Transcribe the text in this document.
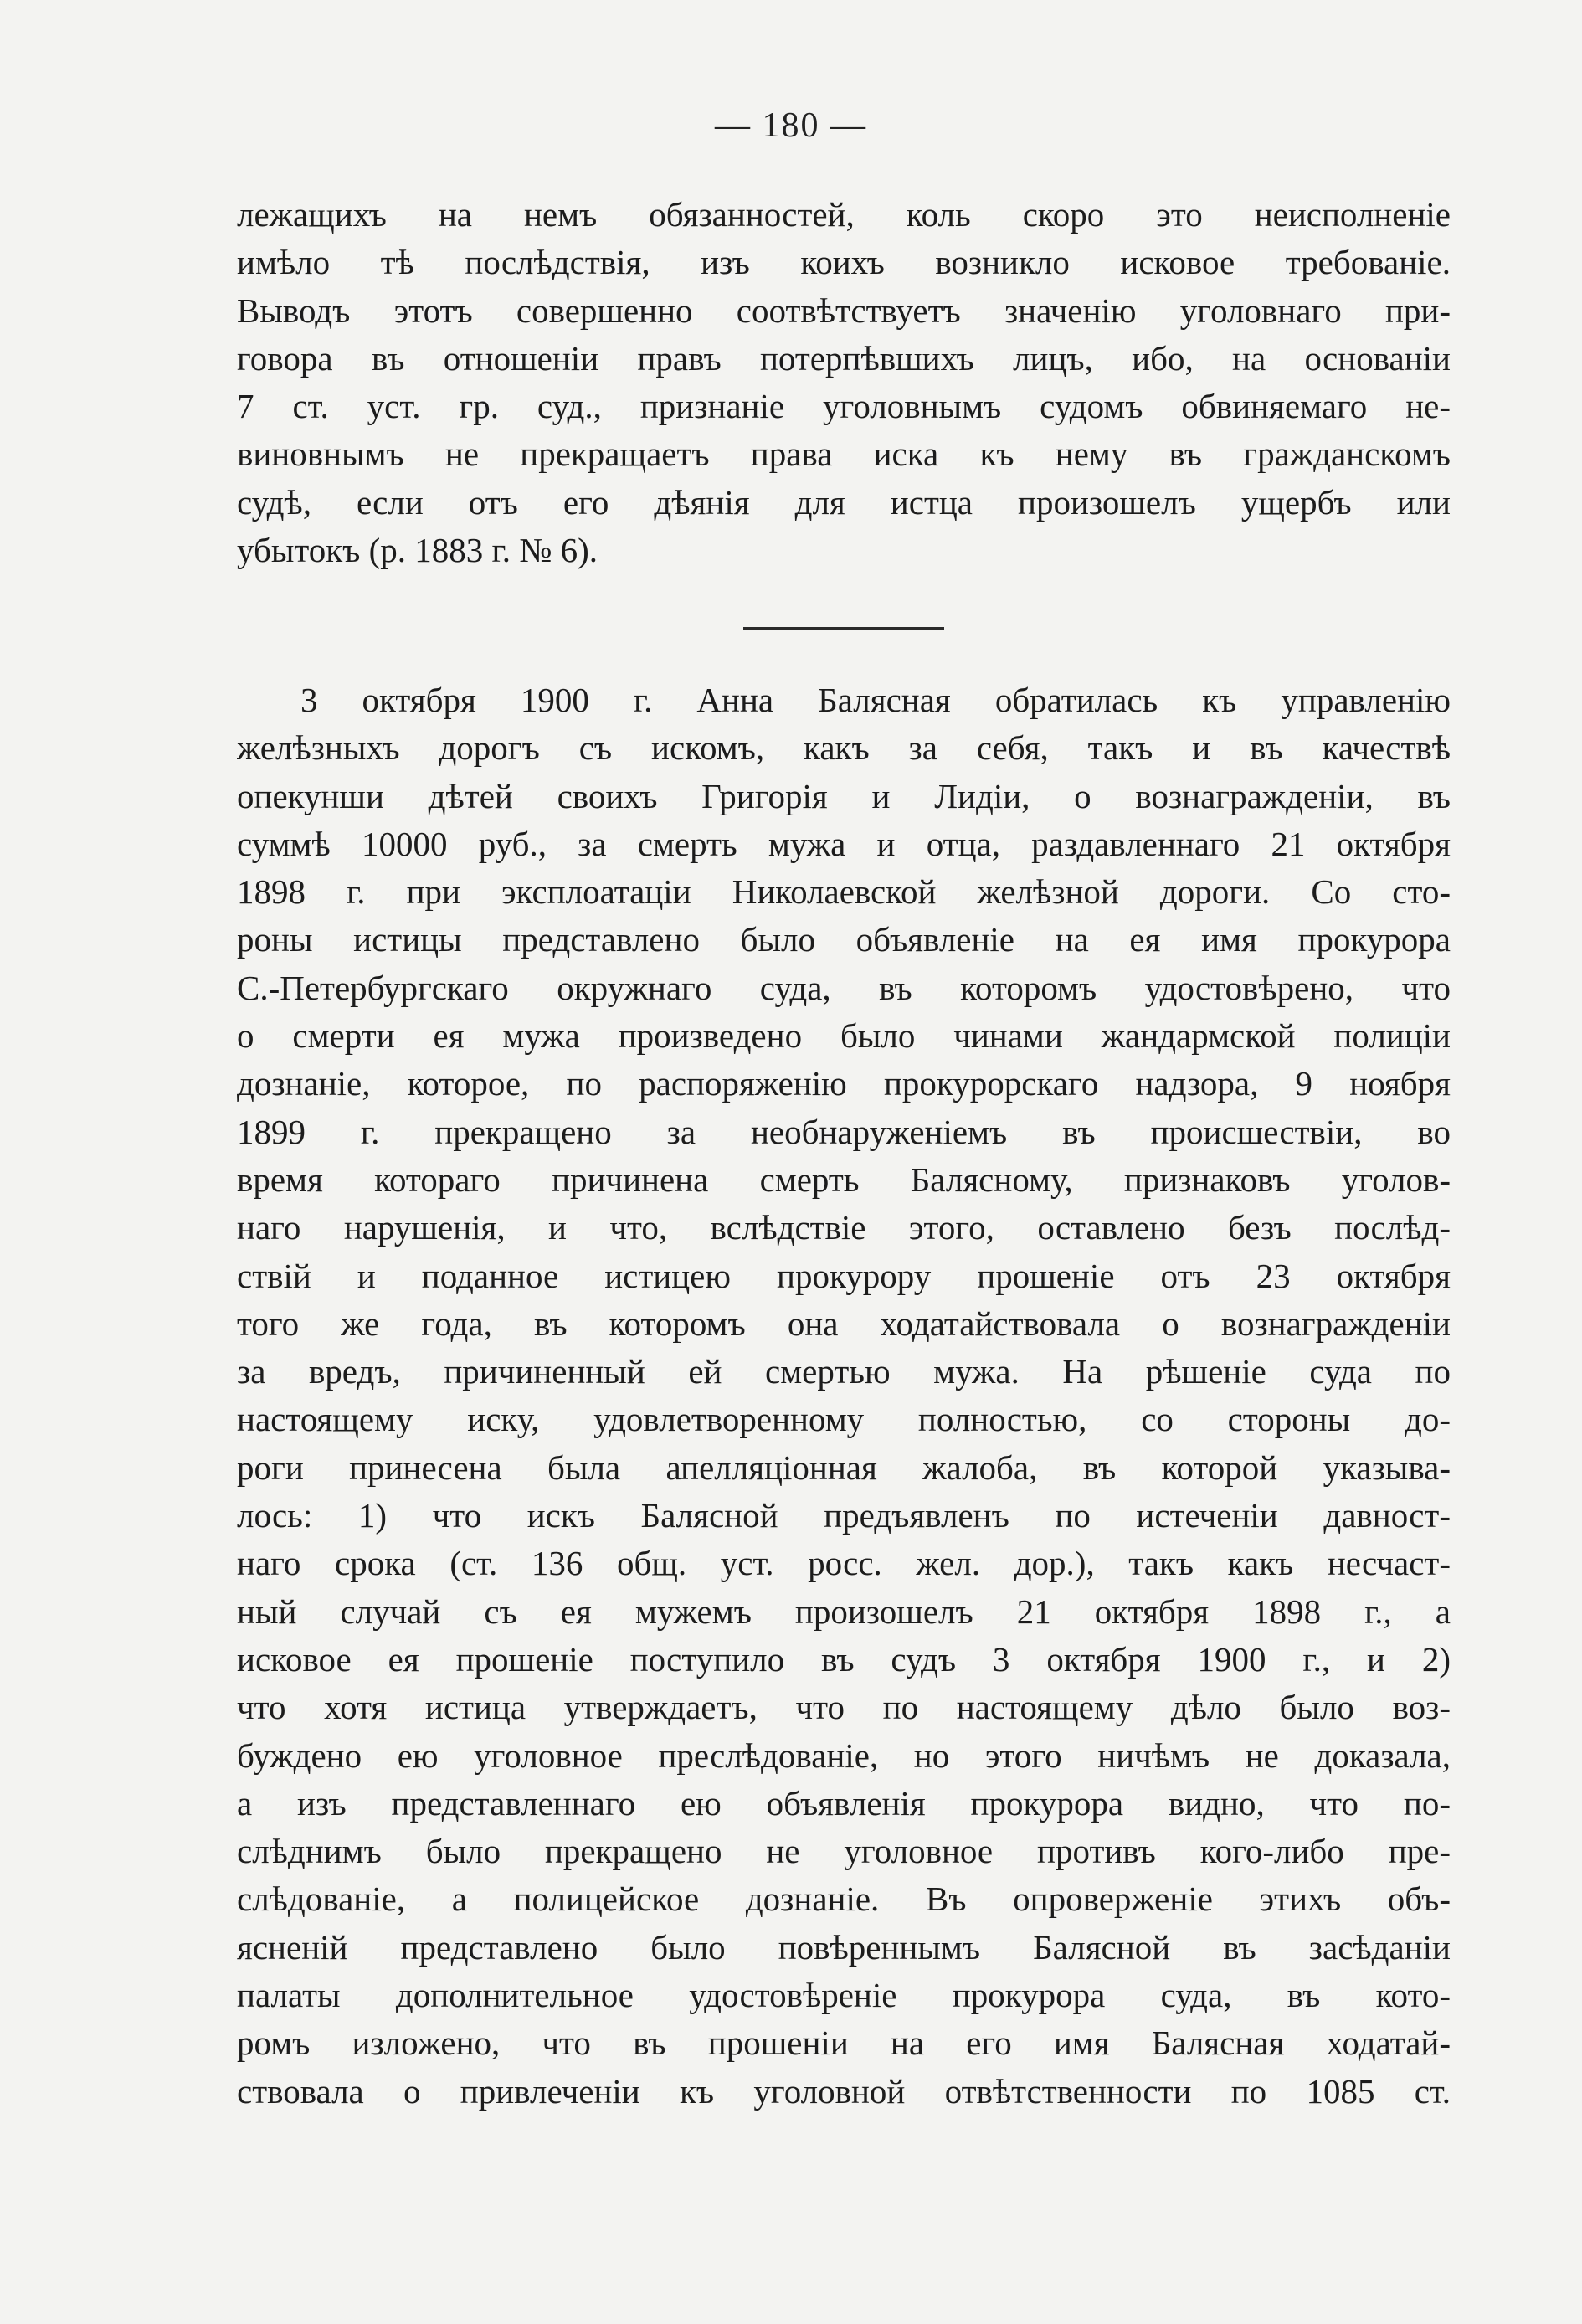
— 180 —
лежащихъ на немъ обязанностей, коль скоро это неисполненіе
имѣло тѣ послѣдствія, изъ коихъ возникло исковое требованіе.
Выводъ этотъ совершенно соотвѣтствуетъ значенію уголовнаго при-
говора въ отношеніи правъ потерпѣвшихъ лицъ, ибо, на основаніи
7 ст. уст. гр. суд., признаніе уголовнымъ судомъ обвиняемаго не-
виновнымъ не прекращаетъ права иска къ нему въ гражданскомъ
судѣ, если отъ его дѣянія для истца произошелъ ущербъ или
убытокъ (р. 1883 г. № 6).
3 октября 1900 г. Анна Балясная обратилась къ управленію
желѣзныхъ дорогъ съ искомъ, какъ за себя, такъ и въ качествѣ
опекунши дѣтей своихъ Григорія и Лидіи, о вознагражденіи, въ
суммѣ 10000 руб., за смерть мужа и отца, раздавленнаго 21 октября
1898 г. при эксплоатаціи Николаевской желѣзной дороги. Со сто-
роны истицы представлено было объявленіе на ея имя прокурора
С.-Петербургскаго окружнаго суда, въ которомъ удостовѣрено, что
о смерти ея мужа произведено было чинами жандармской полиціи
дознаніе, которое, по распоряженію прокурорскаго надзора, 9 ноября
1899 г. прекращено за необнаруженіемъ въ происшествіи, во
время котораго причинена смерть Балясному, признаковъ уголов-
наго нарушенія, и что, вслѣдствіе этого, оставлено безъ послѣд-
ствій и поданное истицею прокурору прошеніе отъ 23 октября
того же года, въ которомъ она ходатайствовала о вознагражденіи
за вредъ, причиненный ей смертью мужа. На рѣшеніе суда по
настоящему иску, удовлетворенному полностью, со стороны до-
роги принесена была апелляціонная жалоба, въ которой указыва-
лось: 1) что искъ Балясной предъявленъ по истеченіи давност-
наго срока (ст. 136 общ. уст. росс. жел. дор.), такъ какъ несчаст-
ный случай съ ея мужемъ произошелъ 21 октября 1898 г., а
исковое ея прошеніе поступило въ судъ 3 октября 1900 г., и 2)
что хотя истица утверждаетъ, что по настоящему дѣло было воз-
буждено ею уголовное преслѣдованіе, но этого ничѣмъ не доказала,
а изъ представленнаго ею объявленія прокурора видно, что по-
слѣднимъ было прекращено не уголовное противъ кого-либо пре-
слѣдованіе, а полицейское дознаніе. Въ опроверженіе этихъ объ-
ясненій представлено было повѣреннымъ Балясной въ засѣданіи
палаты дополнительное удостовѣреніе прокурора суда, въ кото-
ромъ изложено, что въ прошеніи на его имя Балясная ходатай-
ствовала о привлеченіи къ уголовной отвѣтственности по 1085 ст.
